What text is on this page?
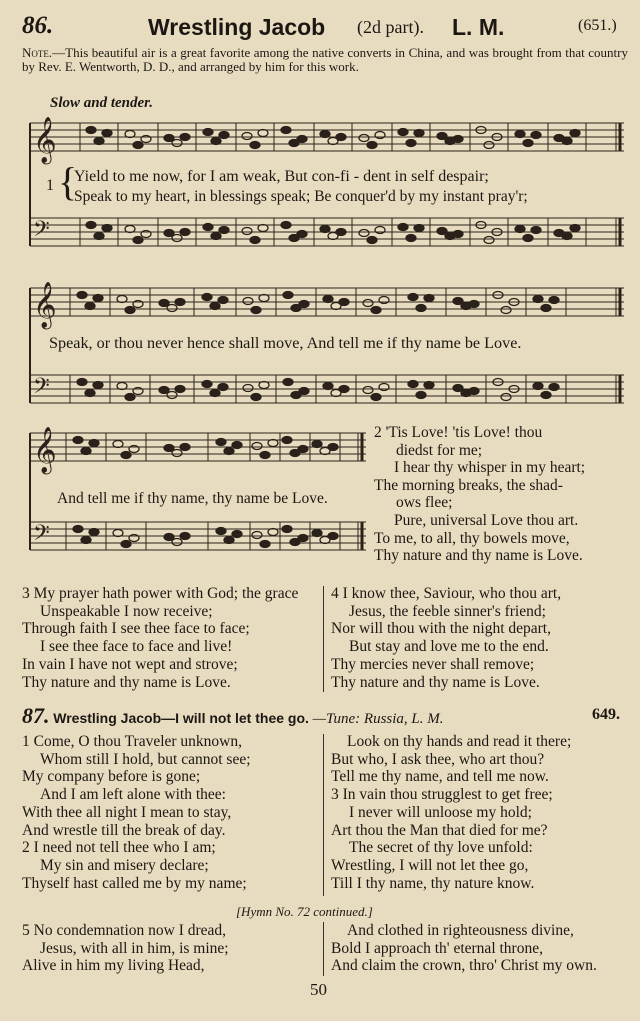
86.	Wrestling Jacob (2d part). L. M.	(651.)
Note.—This beautiful air is a great favorite among the native converts in China, and was brought from that country by Rev. E. Wentworth, D. D., and arranged by him for this work.
Slow and tender.
𝄞
𝄢
𝄞
𝄢
𝄞
𝄢
1 {
Yield to me now, for I am weak, But con-fi - dent in self despair;
Speak to my heart, in blessings speak; Be conquer'd by my instant pray'r;
Speak, or thou never hence shall move, And tell me if thy name be Love.
And tell me if thy name, thy name be Love.
2 'Tis Love! 'tis Love! thou
diedst for me;
I hear thy whisper in my heart;
The morning breaks, the shad-
ows flee;
Pure, universal Love thou art.
To me, to all, thy bowels move,
Thy nature and thy name is Love.
3 My prayer hath power with God; the grace
Unspeakable I now receive;
Through faith I see thee face to face;
I see thee face to face and live!
In vain I have not wept and strove;
Thy nature and thy name is Love.
4 I know thee, Saviour, who thou art,
Jesus, the feeble sinner's friend;
Nor will thou with the night depart,
But stay and love me to the end.
Thy mercies never shall remove;
Thy nature and thy name is Love.
87. Wrestling Jacob—I will not let thee go. —Tune: Russia, L. M.	649.
1 Come, O thou Traveler unknown,
Whom still I hold, but cannot see;
My company before is gone;
And I am left alone with thee:
With thee all night I mean to stay,
And wrestle till the break of day.
2 I need not tell thee who I am;
My sin and misery declare;
Thyself hast called me by my name;
Look on thy hands and read it there;
But who, I ask thee, who art thou?
Tell me thy name, and tell me now.
3 In vain thou strugglest to get free;
I never will unloose my hold;
Art thou the Man that died for me?
The secret of thy love unfold:
Wrestling, I will not let thee go,
Till I thy name, thy nature know.
[Hymn No. 72 continued.]
5 No condemnation now I dread,
Jesus, with all in him, is mine;
Alive in him my living Head,
And clothed in righteousness divine,
Bold I approach th' eternal throne,
And claim the crown, thro' Christ my own.
50
